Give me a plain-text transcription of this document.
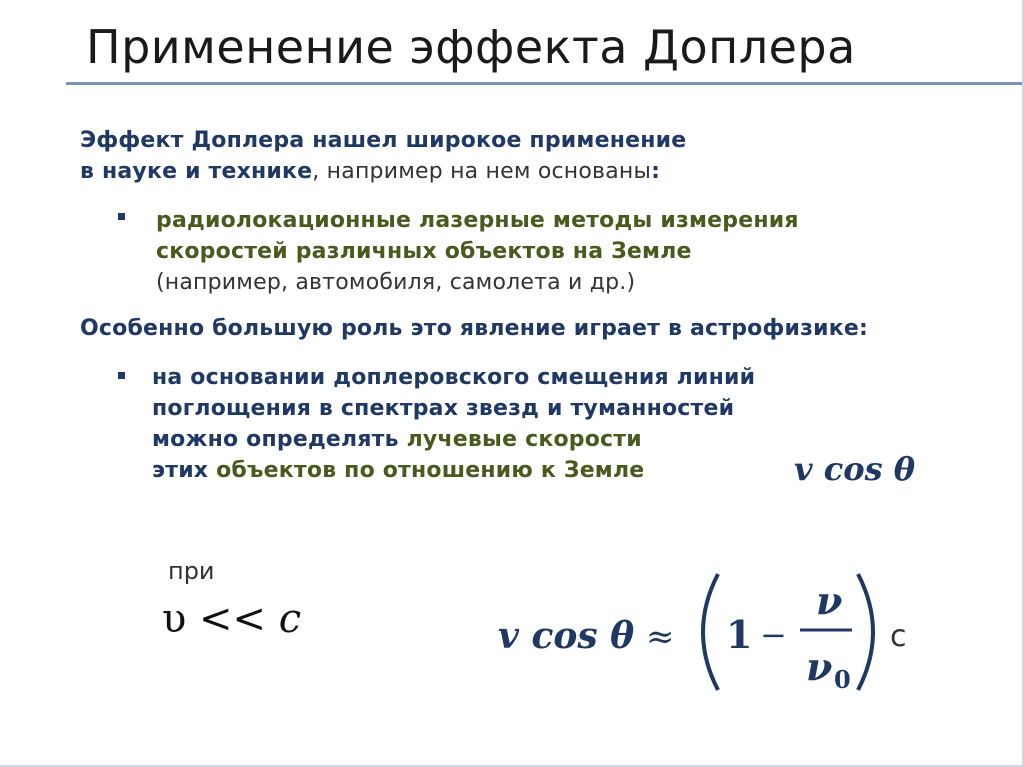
Применение эффекта Доплера
Эффект Доплера нашел широкое применение
в науке и технике, например на нем основаны:
радиолокационные лазерные методы измерения
скоростей различных объектов на Земле
(например, автомобиля, самолета и др.)
Особенно большую роль это явление играет в астрофизике:
на основании доплеровского смещения линий
поглощения в спектрах звезд и туманностей
можно определять лучевые скорости
этих объектов по отношению к Земле	v cos θ
при
υ << c	v cos θ ≈ 1 −
ν
ν 0
c
